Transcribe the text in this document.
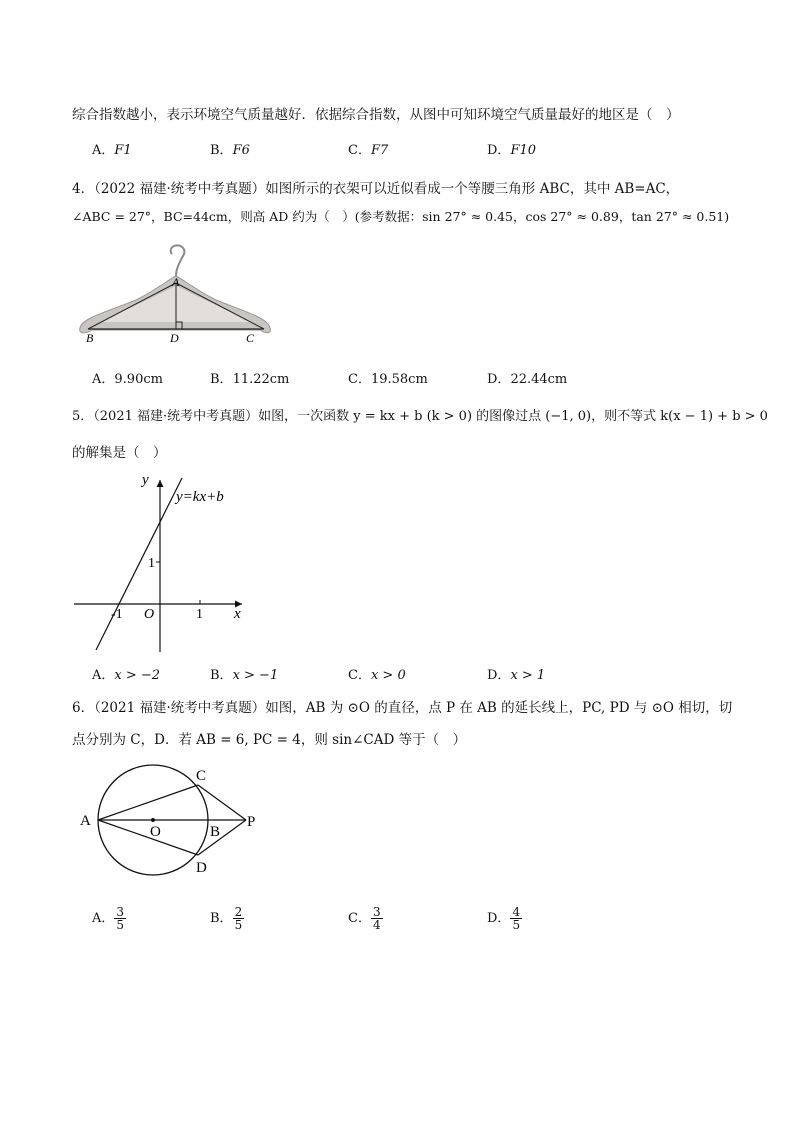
综合指数越小，表示环境空气质量越好．依据综合指数，从图中可知环境空气质量最好的地区是（　）
A．F1	B．F6	C．F7	D．F10
4．（2022 福建·统考中考真题）如图所示的衣架可以近似看成一个等腰三角形 ABC，其中 AB=AC，
∠ABC = 27°，BC=44cm，则高 AD 约为（　）(参考数据：sin 27° ≈ 0.45，cos 27° ≈ 0.89，tan 27° ≈ 0.51)
A
B	D	C
A．9.90cm	B．11.22cm	C．19.58cm	D．22.44cm
5．（2021 福建·统考中考真题）如图，一次函数 y = kx + b (k > 0) 的图像过点 (−1, 0)，则不等式 k(x − 1) + b > 0
的解集是（　）
y
x
O
y=kx+b
1
-1	1
A．x > −2	B．x > −1	C．x > 0	D．x > 1
6．（2021 福建·统考中考真题）如图，AB 为 ⊙O 的直径，点 P 在 AB 的延长线上，PC, PD 与 ⊙O 相切，切
点分别为 C，D．若 AB = 6, PC = 4，则 sin∠CAD 等于（　）
A
C
D
O	B
P
A． $\frac{3}{5}$	B． $\frac{2}{5}$	C． $\frac{3}{4}$	D． $\frac{4}{5}$
